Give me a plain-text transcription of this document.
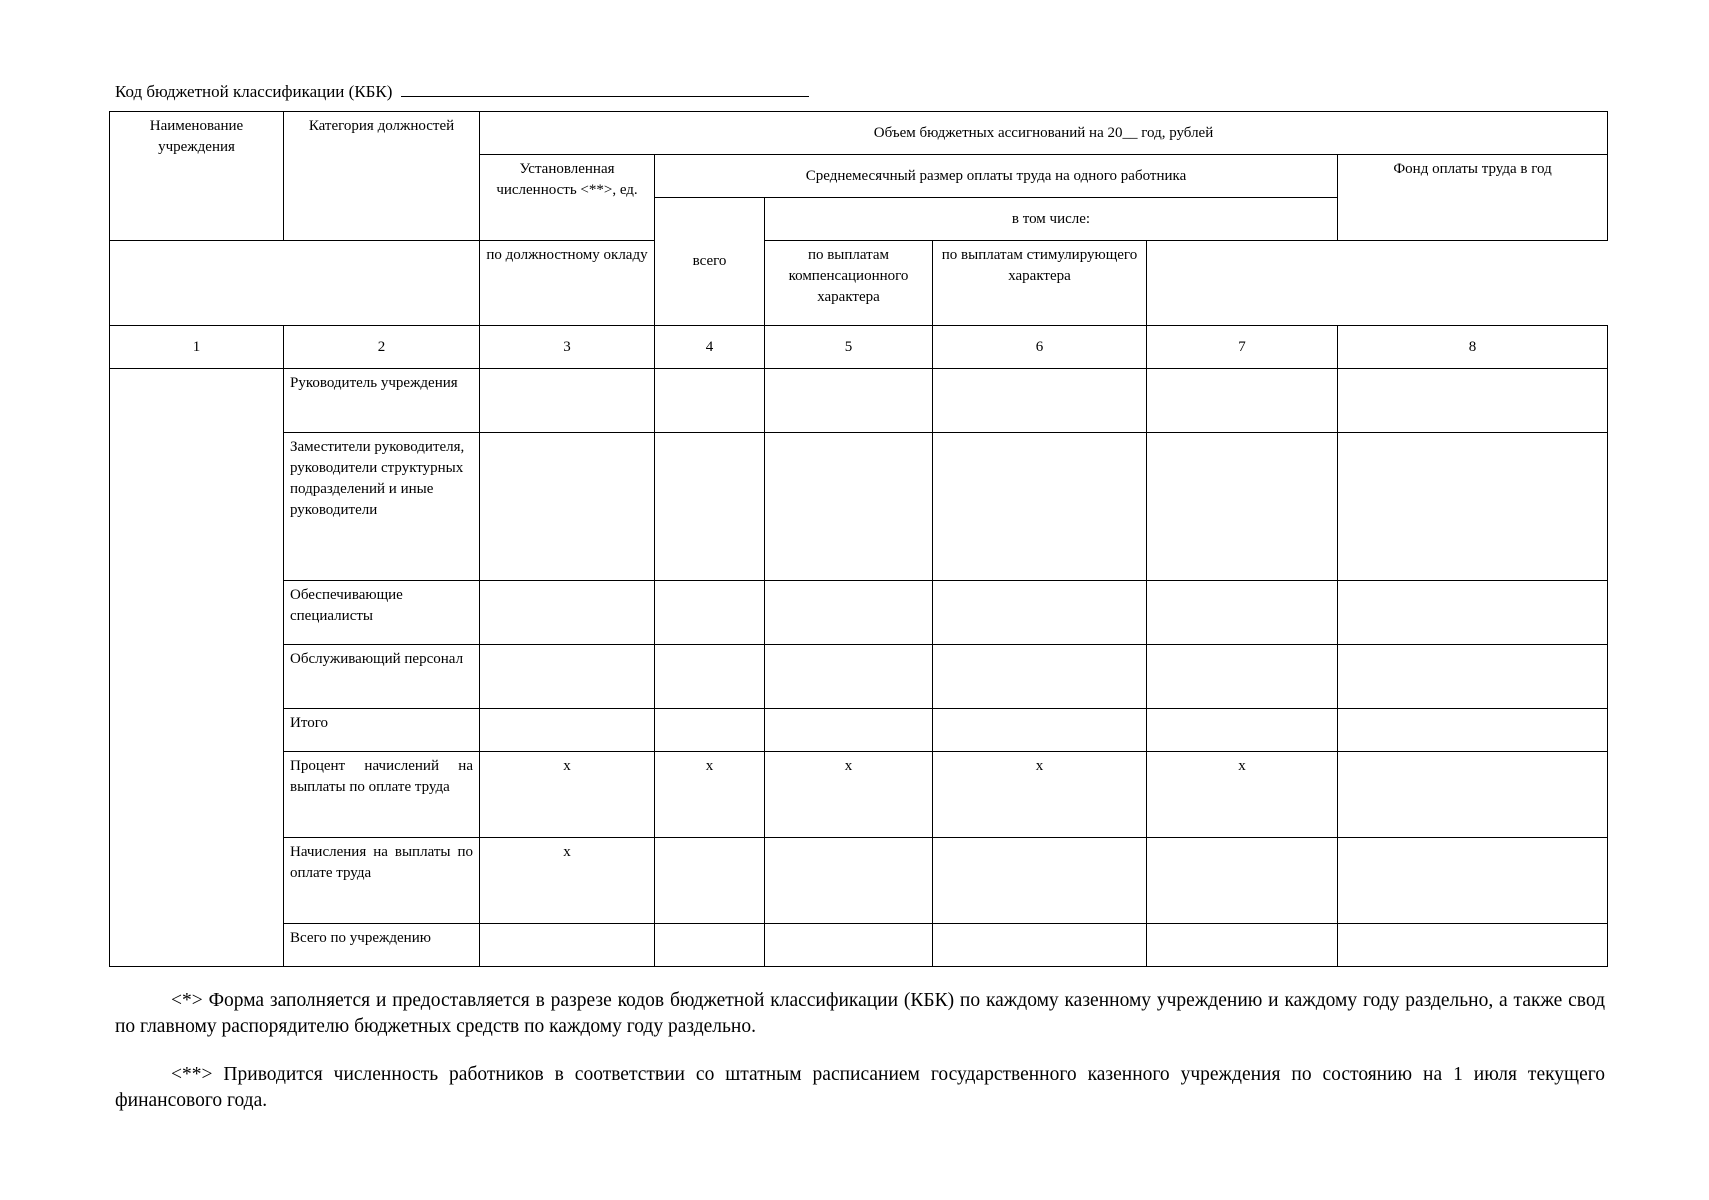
Код бюджетной классификации (КБК)
Наименование учреждения	Категория должностей	Объем бюджетных ассигнований на 20__ год, рублей					
		Установленная численность <**>, ед.	Среднемесячный размер оплаты труда на одного работника				Фонд оплаты труда в год
			всего	в том числе:			
		по должностному окладу		по выплатам компенсационного характера	по выплатам стимулирующего характера		
1	2	3	4	5	6	7	8
	Руководитель учреждения						
	Заместители руководителя, руководители структурных подразделений и иные руководители						
	Обеспечивающие специалисты						
	Обслуживающий персонал						
	Итого						
	Процент начислений на выплаты по оплате труда	x	x	x	x	x	
	Начисления на выплаты по оплате труда	x					
	Всего по учреждению						

<*> Форма заполняется и предоставляется в разрезе кодов бюджетной классификации (КБК) по каждому казенному учреждению и каждому году раздельно, а также свод по главному распорядителю бюджетных средств по каждому году раздельно.

<**> Приводится численность работников в соответствии со штатным расписанием государственного казенного учреждения по состоянию на 1 июля текущего финансового года.
